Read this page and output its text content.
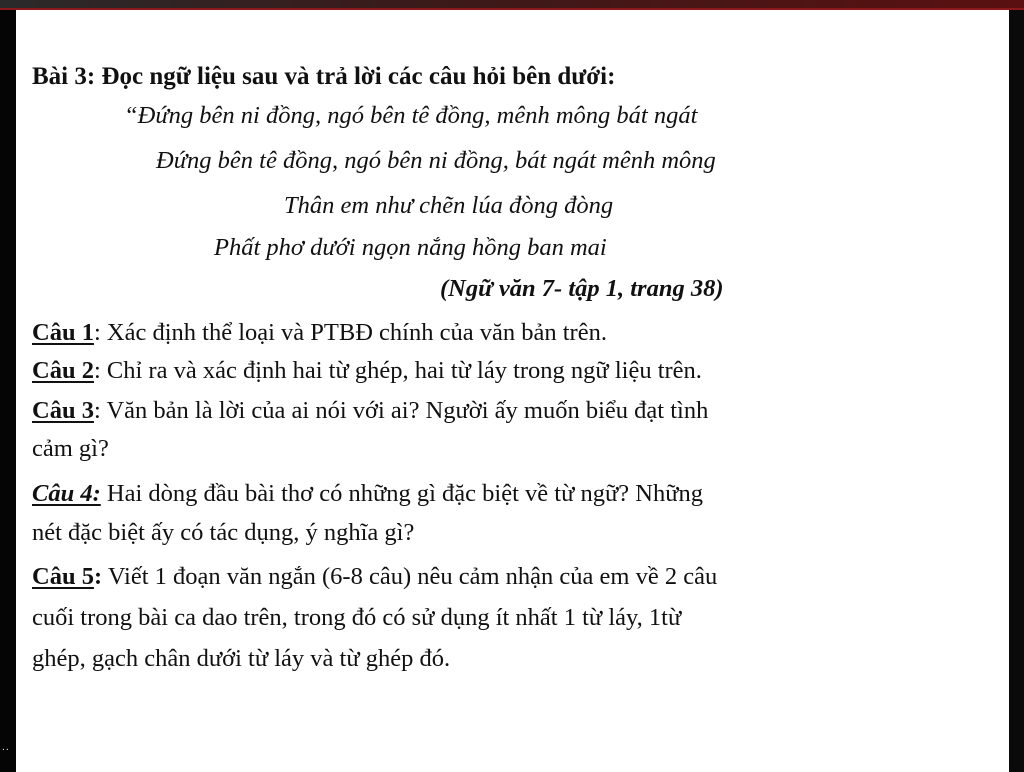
..
Bài 3: Đọc ngữ liệu sau và trả lời các câu hỏi bên dưới:
“Đứng bên ni đồng, ngó bên tê đồng, mênh mông bát ngát
Đứng bên tê đồng, ngó bên ni đồng, bát ngát mênh mông
Thân em như chẽn lúa đòng đòng
Phất phơ dưới ngọn nắng hồng ban mai
(Ngữ văn 7- tập 1, trang 38)
Câu 1: Xác định thể loại và PTBĐ chính của văn bản trên.
Câu 2: Chỉ ra và xác định hai từ ghép, hai từ láy trong ngữ liệu trên.
Câu 3: Văn bản là lời của ai nói với ai? Người ấy muốn biểu đạt tình
cảm gì?
Câu 4: Hai dòng đầu bài thơ có những gì đặc biệt về từ ngữ? Những
nét đặc biệt ấy có tác dụng, ý nghĩa gì?
Câu 5: Viết 1 đoạn văn ngắn (6-8 câu) nêu cảm nhận của em về 2 câu
cuối trong bài ca dao trên, trong đó có sử dụng ít nhất 1 từ láy, 1từ
ghép, gạch chân dưới từ láy và từ ghép đó.
